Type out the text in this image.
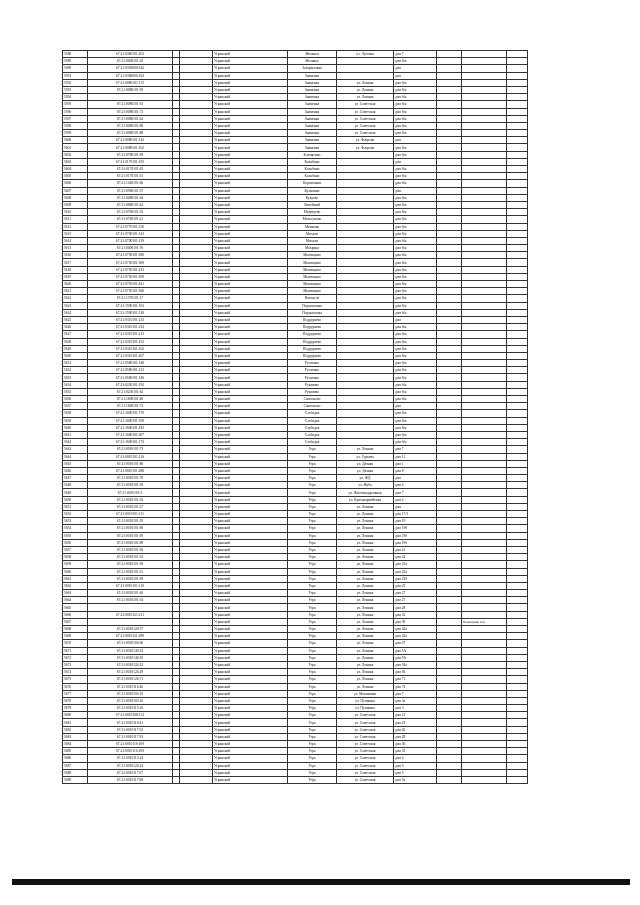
5588	67:21:0360101:203			Угранский	Желанья	ул. Луговая	дом 7			
5589	67:21:0400101:25			Угранский	Желанье		дом б/н			
5590	67:21:0350000:342			Угранский	Захарыловка		дом			
5591	67:21:0380000:102			Угранский	Знаменка		дом			
5592	67:21:0080101:115			Угранский	Знаменка	ул. Ленина	дом б/н			
5593	67:21:0080101:95			Угранский	Знаменка	ул. Ленина	дом б/н			
5594				Угранский	Знаменка	ул. Ленина	дом б/н			
5595	67:21:0080101:53			Угранский	Знаменка	ул. Советская	дом б/н			
5596	67:21:0080101:73			Угранский	Знаменка	ул. Советская	дом б/н			
5597	67:21:0080101:62			Угранский	Знаменка	ул. Советская	дом б/н			
5598	67:21:0080101:80			Угранский	Знаменка	ул. Советская	дом б/н			
5599	67:21:0080101:86			Угранский	Знаменка	ул. Советская	дом б/н			
5600	67:21:0080101:142			Угранский	Знаменка	ул. Флорова	дом			
5601	67:21:0080101:102			Угранский	Знаменка	ул. Флорова	дом б/н			
5602	67:21:0780101:99			Угранский	Клемятино		дом б/н			
5603	67:21:0170101:105			Угранский	Колябино		дом			
5604	67:21:0170101:45			Угранский	Колябино		дом б/н			
5605	67:21:0170101:51			Угранский	Колябино		дом б/н			
5606	67:21:1440101:66			Угранский	Корчагинки		дом б/н			
5607	67:21:0560101:37			Угранский	Кузьмино		дом			
5608	67:21:0480101:64			Угранский	Кукуево		дом б/н			
5609	67:21:0680101:42			Угранский	Линейный		дом б/н			
5610	67:21:0760101:33			Угранский	Медведево		дом б/н			
5611	67:21:0740101:21			Угранский	Мельгуново		дом б/н			
5612	67:21:0770101:150			Угранский	Мешково		дом б/н			
5613	67:21:0700101:143			Угранский	Михали		дом б/н			
5614	67:21:0700101:139			Угранский	Михали		дом б/н			
5615	67:21:0400101:76			Угранский	Мокрица		дом б/н			
5616	67:21:0750101:380			Угранский	Мытищино		дом б/н			
5617	67:21:0750101:369			Угранский	Мытищино		дом б/н			
5618	67:21:0750101:233			Угранский	Мытищино		дом б/н			
5619	67:21:0750101:299			Угранский	Мытищино		дом б/н			
5620	67:21:0750101:441			Угранский	Мытищино		дом б/н			
5621	67:21:0750101:366			Угранский	Мытищино		дом б/н			
5622	67:21:1370101:17			Угранский	Новоуглё		дом б/н			
5623	67:21:1590101:102			Угранский	Подмошенка		дом б/н			
5624	67:21:1590101:128			Угранский	Подмошенка		дом б/н			
5625	67:21:0310101:233			Угранский	Подруднево		дом			
5626	67:21:0310101:234			Угранский	Подруднево		дом б/н			
5627	67:21:0310101:213			Угранский	Подруднево		дом б/н			
5628	67:21:0310101:152			Угранский	Подруднево		дом б/н			
5629	67:21:0310101:162			Угранский	Подруднево		дом б/н			
5630	67:21:0310101:207			Угранский	Подруднево		дом б/н			
5631	67:21:0580101:148			Угранский	Русятино		дом б/н			
5632	67:21:0580101:152			Угранский	Русятино		дом б/н			
5633	67:21:0580101:146			Угранский	Русятино		дом б/н			
5634	67:21:0230101:192			Угранский	Рукавово		дом б/н			
5635	67:21:0230101:62			Угранский	Рукавово		дом б/н			
5636	67:21:1600101:40			Угранский	Самсоново		дом б/н			
5637	67:21:1600101:73			Угранский	Самсоново		дом			
5638	67:21:1600101:170			Угранский	Слободка		дом б/н			
5639	67:21:1600101:190			Угранский	Слободка		дом б/н			
5640	67:21:1600101:182			Угранский	Слободка		дом б/н			
5641	67:21:1600101:207			Угранский	Слободка		дом б/н			
5642	67:21:1600101:172			Угранский	Слободка		дом б/н			
5643	67:21:0010101:73			Угранский	Угра	ул. Ленина	дом 7			
5644	67:21:0010101:116			Угранский	Угра	ул. Гурьева	дом 11			
5645	67:21:0010101:86			Угранский	Угра	ул. Дачная	дом 1			
5646	67:21:0010101:288			Угранский	Угра	ул. Дачная	дом 8			
5647	67:21:0010101:70			Угранский	Угра	ул. ЖД	дом			
5648	67:21:0010101:18			Угранский	Угра	ул. Жуба	дом 4			
5649	67:21:0010101:5			Угранский	Угра	ул. Железнодорожная	дом 7			
5650	67:21:0010101:32			Угранский	Угра	ул. Красноармейская	дом 2			
5651	67:21:0010101:27			Угранский	Угра	ул. Ленина	дом			
5652	67:21:0010101:111			Угранский	Угра	ул. Ленина	дом 17/1			
5653	67:21:0010101:55			Угранский	Угра	ул. Ленина	дом 19			
5654	67:21:0010101:90			Угранский	Угра	ул. Ленина	дом 19б			
5655	67:21:0010101:95			Угранский	Угра	ул. Ленина	дом 19б			
5656	67:21:0010101:89			Угранский	Угра	ул. Ленина	дом 19б			
5657	67:21:0010101:56			Угранский	Угра	ул. Ленина	дом 21			
5658	67:21:0010101:53			Угранский	Угра	ул. Ленина	дом 22			
5659	67:21:0010101:58			Угранский	Угра	ул. Ленина	дом 23а			
5660	67:21:0010101:51			Угранский	Угра	ул. Ленина	дом 23а			
5661	67:21:0010101:99			Угранский	Угра	ул. Ленина	дом 23б			
5662	67:21:0010101:110			Угранский	Угра	ул. Ленина	дом 25			
5663	67:21:0010101:40			Угранский	Угра	ул. Ленина	дом 27			
5664	67:21:0010101:34			Угранский	Угра	ул. Ленина	дом 27			
5665				Угранский	Угра	ул. Ленина	дом 28			
5666	67:21:0010121:211			Угранский	Угра	ул. Ленина	дом 32			
5667				Угранский	Угра	ул. Ленина	дом 39		Помещение 10н	
5668	67:21:0010120:57			Угранский	Угра	ул. Ленина	дом 42а			
5669	67:21:0010121:289			Угранский	Угра	ул. Ленина	дом 42а			
5670	67:21:0010104:60			Угранский	Угра	ул. Ленина	дом 47			
5671	67:21:0010140:33			Угранский	Угра	ул. Ленина	дом 5А			
5672	67:21:0010140:55			Угранский	Угра	ул. Ленина	дом 5А			
5673	67:21:0010124:22			Угранский	Угра	ул. Ленина	дом 54а			
5674	67:21:0010124:29			Угранский	Угра	ул. Ленина	дом 56			
5675	67:21:0010126:71			Угранский	Угра	ул. Ленина	дом 71			
5676	67:21:0010114:46			Угранский	Угра	ул. Ленина	дом 74			
5677	67:21:0010104:18			Угранский	Угра	ул. Машинина	дом 7			
5678	67:21:0010103:16			Угранский	Угра	ул. Пушкина	дом 3а			
5679	67:21:0010115:16			Угранский	Угра	ул. Пушкина	дом 3			
5680	67:21:0010108:112			Угранский	Угра	ул. Советская	дом 21			
5681	67:21:0010118:41			Угранский	Угра	ул. Советская	дом 23			
5682	67:21:0010117:53			Угранский	Угра	ул. Советская	дом 26			
5683	67:21:0010117:93			Угранский	Угра	ул. Советская	дом 28			
5684	67:21:0010116:109			Угранский	Угра	ул. Советская	дом 30			
5685	67:21:0010116:100			Угранский	Угра	ул. Советская	дом 33			
5686	67:21:0010113:24			Угранский	Угра	ул. Советская	дом 4			
5687	67:21:0010120:24			Угранский	Угра	ул. Советская	дом 5			
5688	67:21:0010117:67			Угранский	Угра	ул. Советская	дом 5			
5689	67:21:0010117:98			Угранский	Угра	ул. Советская	дом 5а			
